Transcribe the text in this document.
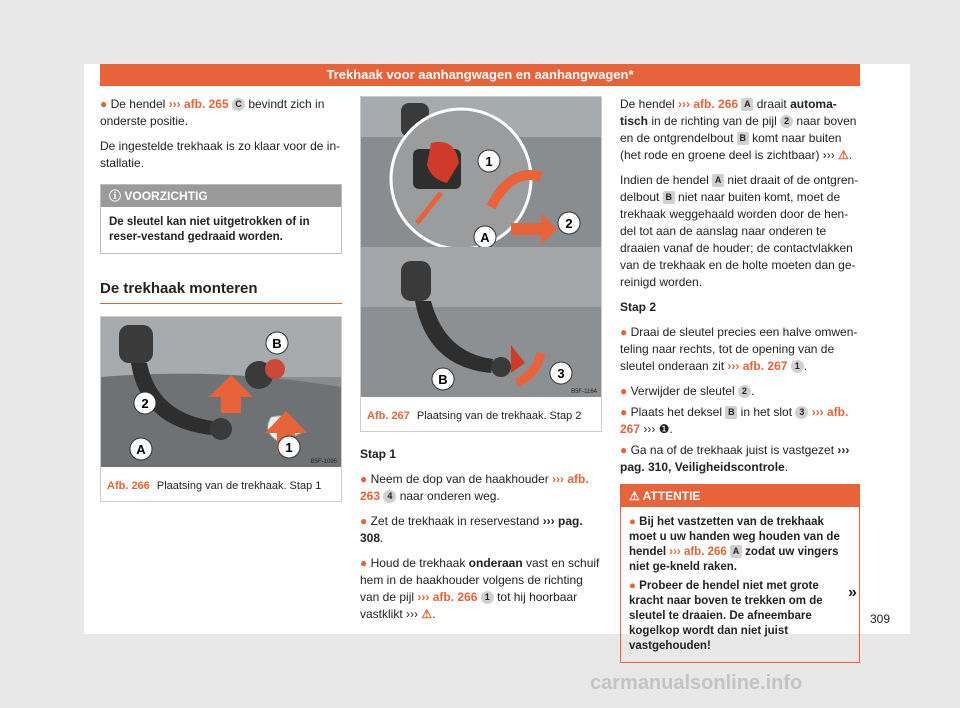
Trekhaak voor aanhangwagen en aanhangwagen*

● De hendel ››› afb. 265 C bevindt zich in onderste positie.

De ingestelde trekhaak is zo klaar voor de in-stallatie.

ⓘ VOORZICHTIG
De sleutel kan niet uitgetrokken of in reser-vestand gedraaid worden.
De trekhaak monteren
2
A
B
1
B5F-1095
Afb. 266 Plaatsing van de trekhaak. Stap 1
1
2
A
B	3
B5F-1164
Afb. 267 Plaatsing van de trekhaak. Stap 2

Stap 1

● Neem de dop van de haakhouder ››› afb. 263 4 naar onderen weg.

● Zet de trekhaak in reservestand ››› pag. 308.

● Houd de trekhaak onderaan vast en schuif hem in de haakhouder volgens de richting van de pijl ››› afb. 266 1 tot hij hoorbaar vastklikt ››› ⚠.

De hendel ››› afb. 266 A draait automa-tisch in de richting van de pijl 2 naar boven en de ontgrendelbout B komt naar buiten (het rode en groene deel is zichtbaar) ››› ⚠.

Indien de hendel A niet draait of de ontgren-delbout B niet naar buiten komt, moet de trekhaak weggehaald worden door de hen-del tot aan de aanslag naar onderen te draaien vanaf de houder; de contactvlakken van de trekhaak en de holte moeten dan ge-reinigd worden.

Stap 2

● Draai de sleutel precies een halve omwen-teling naar rechts, tot de opening van de sleutel onderaan zit ››› afb. 267 1 .

● Verwijder de sleutel 2 .

● Plaats het deksel B in het slot 3 ››› afb. 267 ››› ❶.

● Ga na of de trekhaak juist is vastgezet ››› pag. 310, Veiligheidscontrole.

⚠ ATTENTIE

● Bij het vastzetten van de trekhaak moet u uw handen weg houden van de hendel ››› afb. 266 A zodat uw vingers niet ge-kneld raken.

● Probeer de hendel niet met grote kracht naar boven te trekken om de sleutel te draaien. De afneembare kogelkop wordt dan niet juist vastgehouden!

»
309
carmanualsonline.info
